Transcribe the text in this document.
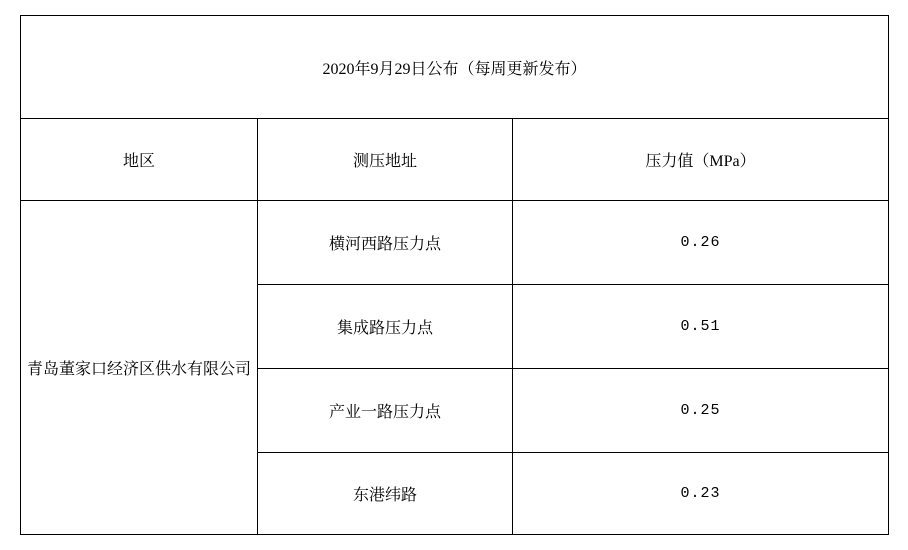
2020年9月29日公布（每周更新发布）		
地区	测压地址	压力值（MPa）
青岛董家口经济区供水有限公司	横河西路压力点	0.26
	集成路压力点	0.51
	产业一路压力点	0.25
	东港纬路	0.23
